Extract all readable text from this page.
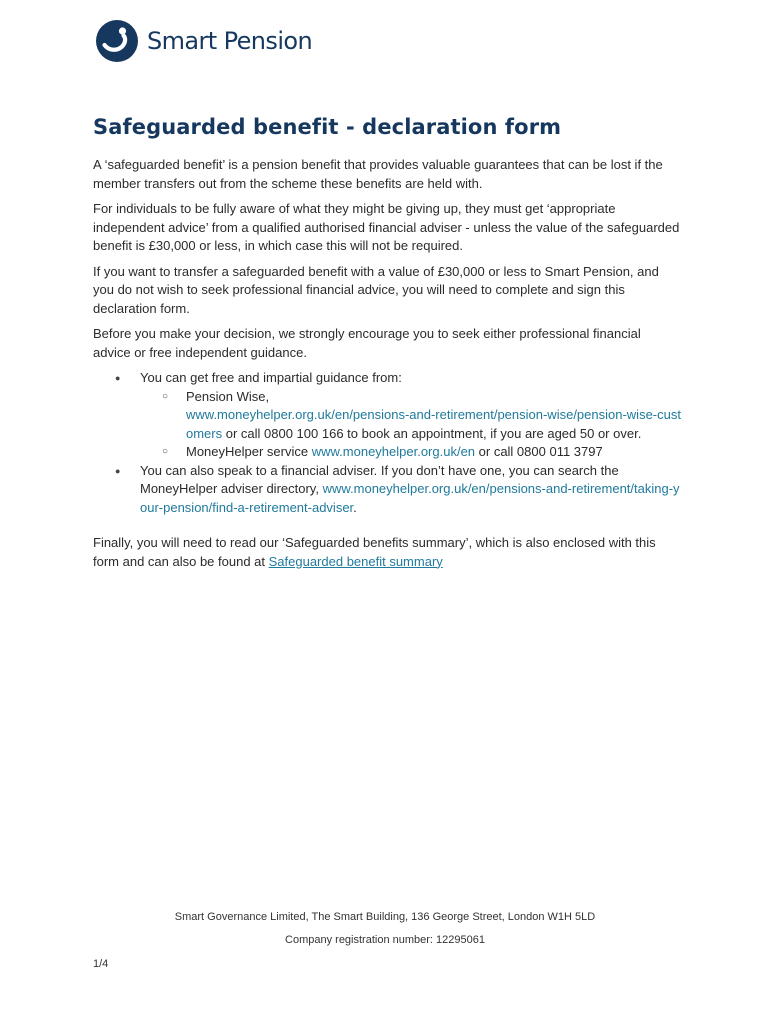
Smart Pension
Safeguarded benefit - declaration form

A ‘safeguarded benefit’ is a pension benefit that provides valuable guarantees that can be lost if the member transfers out from the scheme these benefits are held with.

For individuals to be fully aware of what they might be giving up, they must get ‘appropriate independent advice’ from a qualified authorised financial adviser - unless the value of the safeguarded benefit is £30,000 or less, in which case this will not be required.

If you want to transfer a safeguarded benefit with a value of £30,000 or less to Smart Pension, and you do not wish to seek professional financial advice, you will need to complete and sign this declaration form.

Before you make your decision, we strongly encourage you to seek either professional financial advice or free independent guidance.

● You can get free and impartial guidance from:
○ Pension Wise,
www.moneyhelper.org.uk/en/pensions-and-retirement/pension-wise/pension-wise-customers or call 0800 100 166 to book an appointment, if you are aged 50 or over.
○ MoneyHelper service www.moneyhelper.org.uk/en or call 0800 011 3797
● You can also speak to a financial adviser. If you don’t have one, you can search the MoneyHelper adviser directory, www.moneyhelper.org.uk/en/pensions-and-retirement/taking-your-pension/find-a-retirement-adviser.

Finally, you will need to read our ‘Safeguarded benefits summary’, which is also enclosed with this form and can also be found at Safeguarded benefit summary

Smart Governance Limited, The Smart Building, 136 George Street, London W1H 5LD
Company registration number: 12295061
1/4
